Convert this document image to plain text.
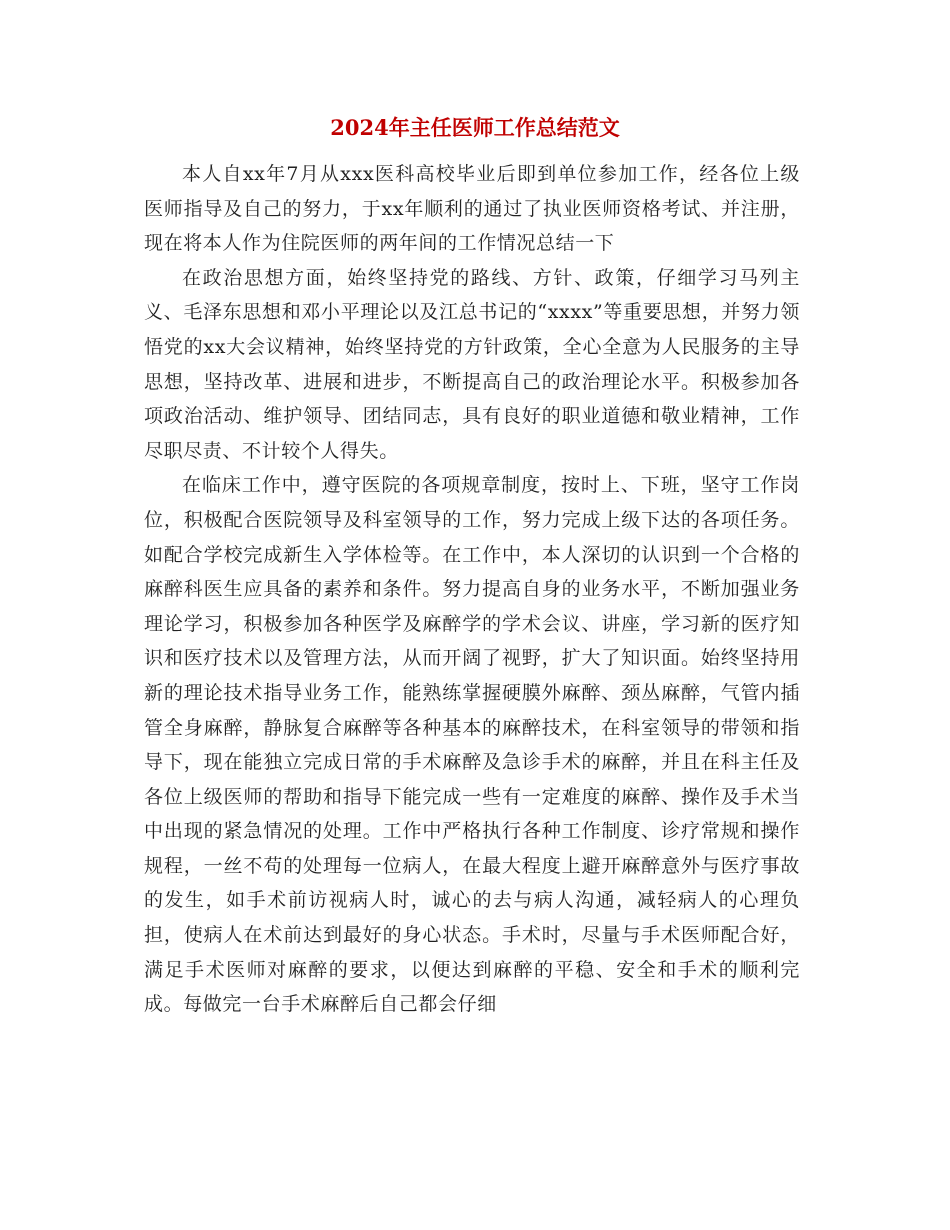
2024年主任医师工作总结范文

本人自xx年7月从xxx医科高校毕业后即到单位参加工作，经各位上级医师指导及自己的努力，于xx年顺利的通过了执业医师资格考试、并注册，现在将本人作为住院医师的两年间的工作情况总结一下

在政治思想方面，始终坚持党的路线、方针、政策，仔细学习马列主义、毛泽东思想和邓小平理论以及江总书记的“xxxx”等重要思想，并努力领悟党的xx大会议精神，始终坚持党的方针政策，全心全意为人民服务的主导思想，坚持改革、进展和进步，不断提高自己的政治理论水平。积极参加各项政治活动、维护领导、团结同志，具有良好的职业道德和敬业精神，工作尽职尽责、不计较个人得失。

在临床工作中，遵守医院的各项规章制度，按时上、下班，坚守工作岗位，积极配合医院领导及科室领导的工作，努力完成上级下达的各项任务。如配合学校完成新生入学体检等。在工作中，本人深切的认识到一个合格的麻醉科医生应具备的素养和条件。努力提高自身的业务水平，不断加强业务理论学习，积极参加各种医学及麻醉学的学术会议、讲座，学习新的医疗知识和医疗技术以及管理方法，从而开阔了视野，扩大了知识面。始终坚持用新的理论技术指导业务工作，能熟练掌握硬膜外麻醉、颈丛麻醉，气管内插管全身麻醉，静脉复合麻醉等各种基本的麻醉技术，在科室领导的带领和指导下，现在能独立完成日常的手术麻醉及急诊手术的麻醉，并且在科主任及各位上级医师的帮助和指导下能完成一些有一定难度的麻醉、操作及手术当中出现的紧急情况的处理。工作中严格执行各种工作制度、诊疗常规和操作规程，一丝不苟的处理每一位病人，在最大程度上避开麻醉意外与医疗事故的发生，如手术前访视病人时，诚心的去与病人沟通，减轻病人的心理负担，使病人在术前达到最好的身心状态。手术时，尽量与手术医师配合好，满足手术医师对麻醉的要求，以便达到麻醉的平稳、安全和手术的顺利完成。每做完一台手术麻醉后自己都会仔细
